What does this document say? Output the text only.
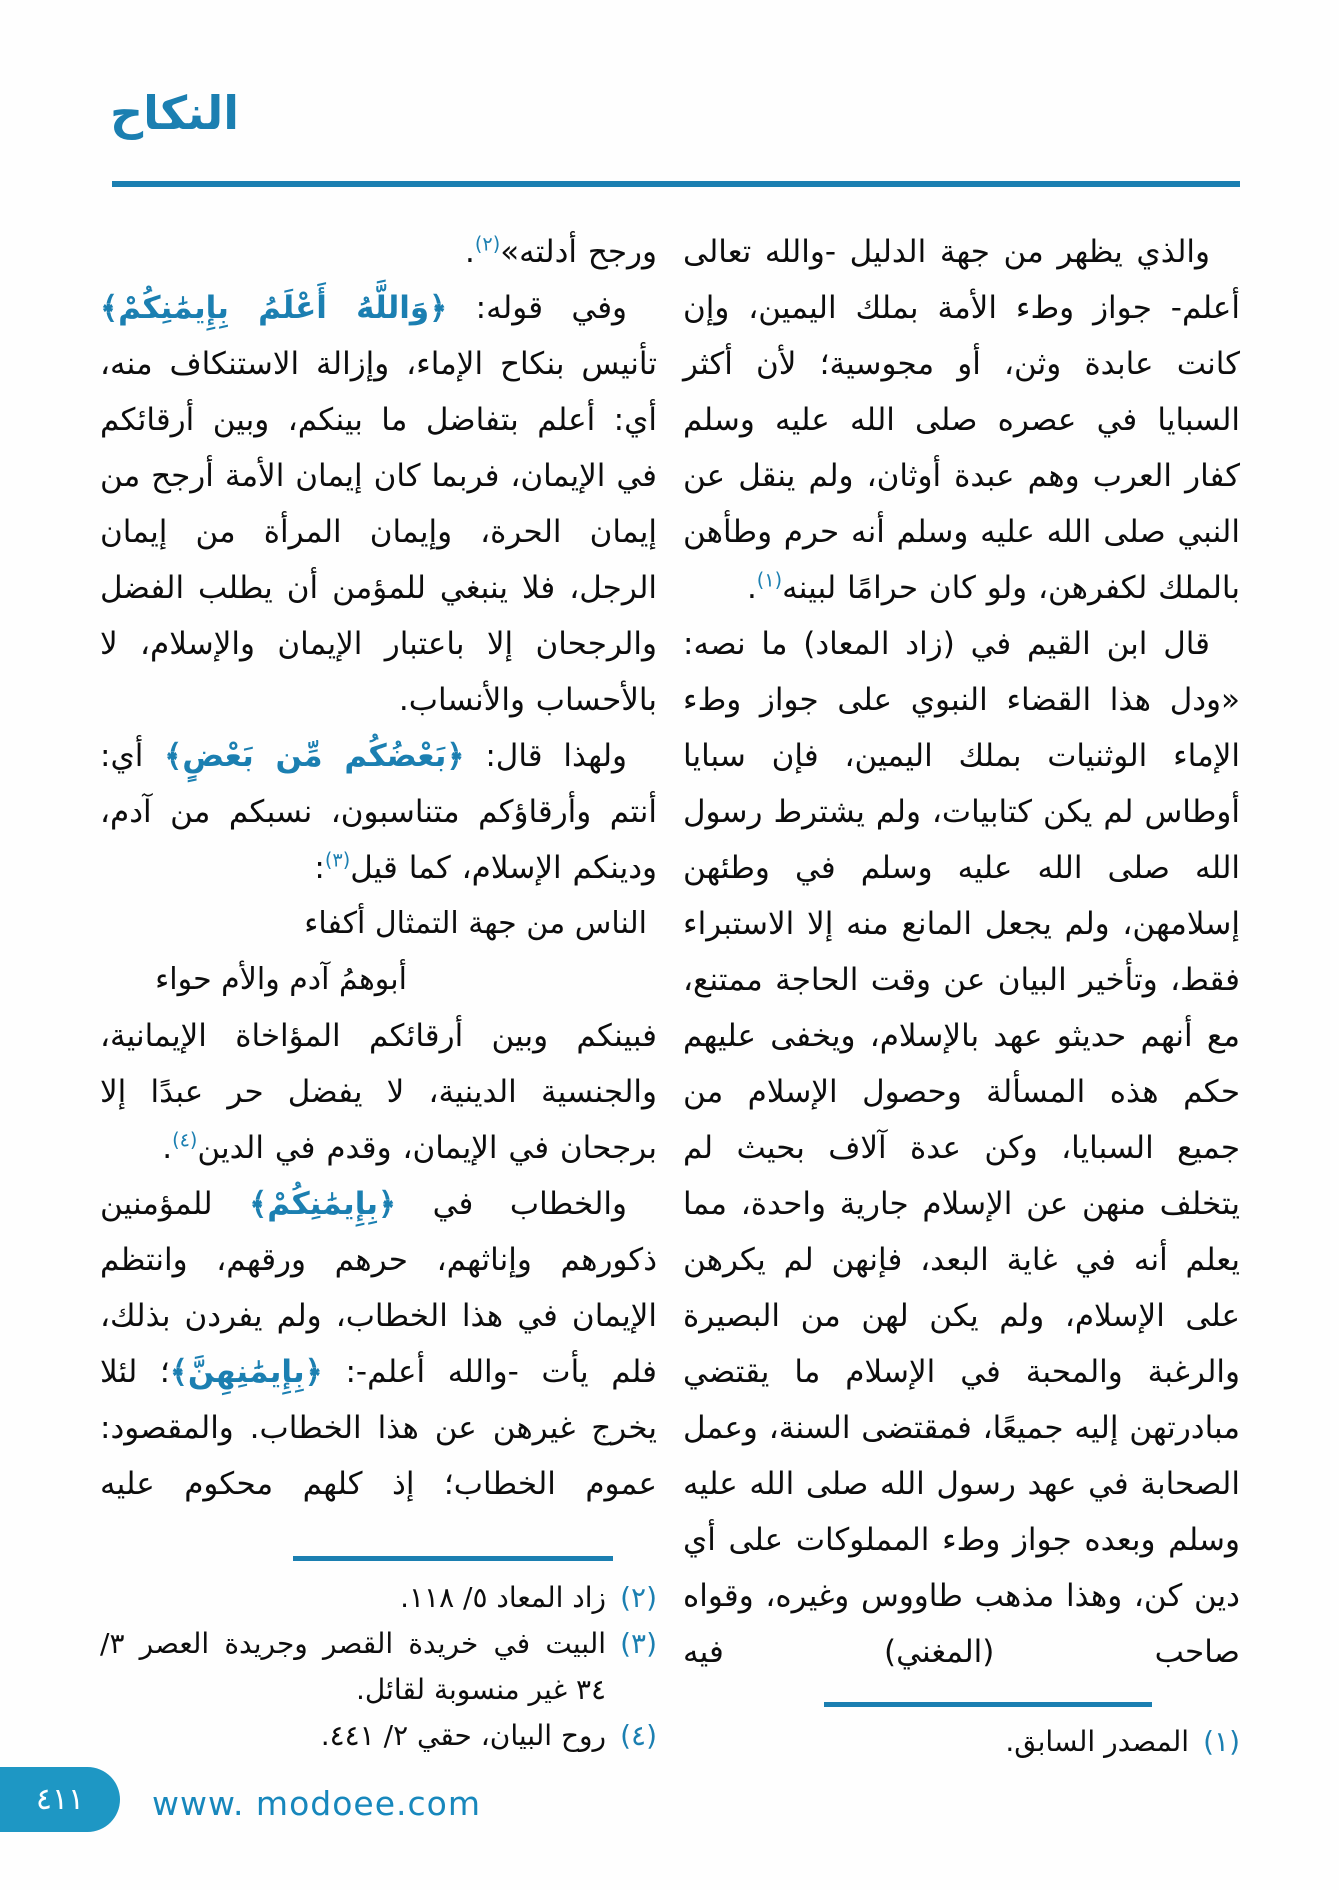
النكاح

والذي يظهر من جهة الدليل -والله تعالى أعلم- جواز وطء الأمة بملك اليمين، وإن كانت عابدة وثن، أو مجوسية؛ لأن أكثر السبايا في عصره صلى الله عليه وسلم كفار العرب وهم عبدة أوثان، ولم ينقل عن النبي صلى الله عليه وسلم أنه حرم وطأهن بالملك لكفرهن، ولو كان حرامًا لبينه$^{(١)}$.

قال ابن القيم في (زاد المعاد) ما نصه: «ودل هذا القضاء النبوي على جواز وطء الإماء الوثنيات بملك اليمين، فإن سبايا أوطاس لم يكن كتابيات، ولم يشترط رسول الله صلى الله عليه وسلم في وطئهن إسلامهن، ولم يجعل المانع منه إلا الاستبراء فقط، وتأخير البيان عن وقت الحاجة ممتنع، مع أنهم حديثو عهد بالإسلام، ويخفى عليهم حكم هذه المسألة وحصول الإسلام من جميع السبايا، وكن عدة آلاف بحيث لم يتخلف منهن عن الإسلام جارية واحدة، مما يعلم أنه في غاية البعد، فإنهن لم يكرهن على الإسلام، ولم يكن لهن من البصيرة والرغبة والمحبة في الإسلام ما يقتضي مبادرتهن إليه جميعًا، فمقتضى السنة، وعمل الصحابة في عهد رسول الله صلى الله عليه وسلم وبعده جواز وطء المملوكات على أي دين كن، وهذا مذهب طاووس وغيره، وقواه صاحب (المغني) فيه

(١)
المصدر السابق.

ورجح أدلته»$^{(٢)}$.

وفي قوله: ﴿وَاللَّهُ أَعْلَمُ بِإِيمَٰنِكُمْ﴾ تأنيس بنكاح الإماء، وإزالة الاستنكاف منه، أي: أعلم بتفاضل ما بينكم، وبين أرقائكم في الإيمان، فربما كان إيمان الأمة أرجح من إيمان الحرة، وإيمان المرأة من إيمان الرجل، فلا ينبغي للمؤمن أن يطلب الفضل والرجحان إلا باعتبار الإيمان والإسلام، لا بالأحساب والأنساب.

ولهذا قال: ﴿بَعْضُكُم مِّن بَعْضٍ﴾ أي: أنتم وأرقاؤكم متناسبون، نسبكم من آدم، ودينكم الإسلام، كما قيل$^{(٣)}$:

الناس من جهة التمثال أكفاء
أبوهمُ آدم والأم حواء

فبينكم وبين أرقائكم المؤاخاة الإيمانية، والجنسية الدينية، لا يفضل حر عبدًا إلا برجحان في الإيمان، وقدم في الدين$^{(٤)}$.

والخطاب في ﴿بِإِيمَٰنِكُمْ﴾ للمؤمنين ذكورهم وإناثهم، حرهم ورقهم، وانتظم الإيمان في هذا الخطاب، ولم يفردن بذلك، فلم يأت -والله أعلم-: ﴿بِإِيمَٰنِهِنَّ﴾؛ لئلا يخرج غيرهن عن هذا الخطاب. والمقصود: عموم الخطاب؛ إذ كلهم محكوم عليه

(٢)
زاد المعاد ٥/ ١١٨.
(٣)
البيت في خريدة القصر وجريدة العصر ٣/ ٣٤ غير منسوبة لقائل.
(٤)
روح البيان، حقي ٢/ ٤٤١.
٤١١ www. modoee.com
